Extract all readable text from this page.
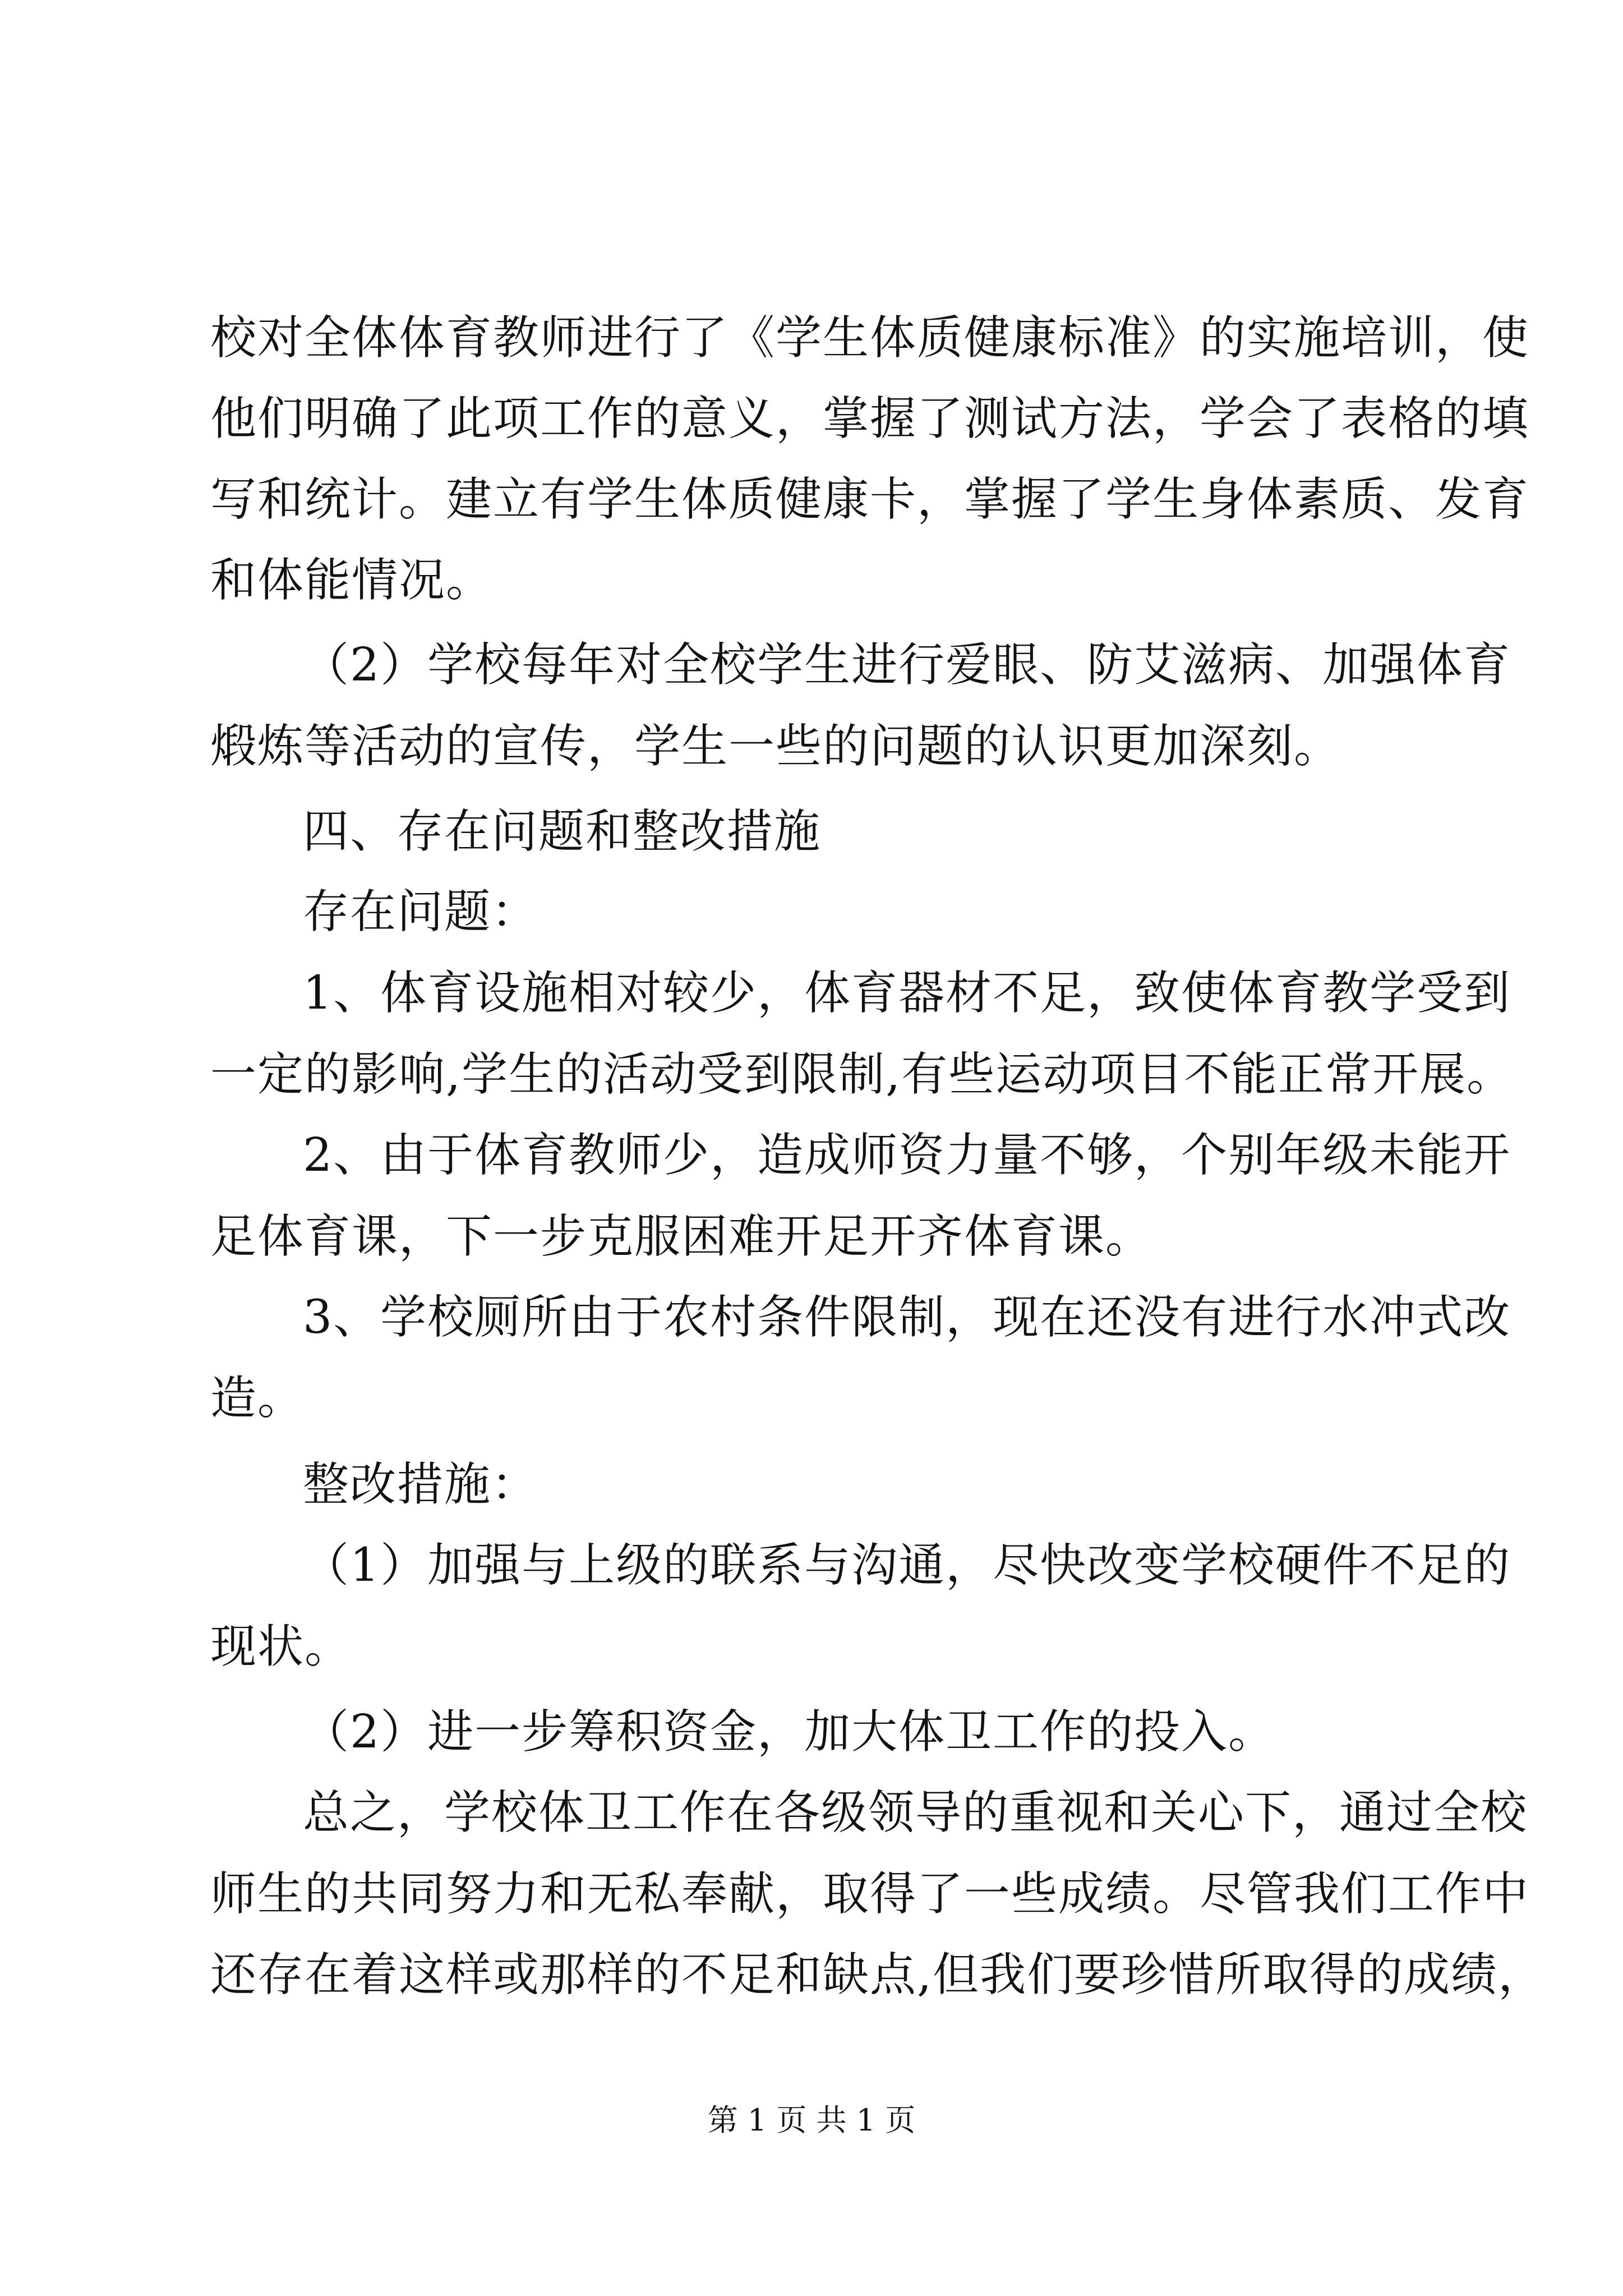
校对全体体育教师进行了《学生体质健康标准》的实施培训，使
他们明确了此项工作的意义，掌握了测试方法，学会了表格的填
写和统计。建立有学生体质健康卡，掌握了学生身体素质、发育
和体能情况。
（2）学校每年对全校学生进行爱眼、防艾滋病、加强体育
煅炼等活动的宣传，学生一些的问题的认识更加深刻。
四、存在问题和整改措施
存在问题：
1、体育设施相对较少，体育器材不足，致使体育教学受到
一定的影响,学生的活动受到限制,有些运动项目不能正常开展。
2、由于体育教师少，造成师资力量不够，个别年级未能开
足体育课，下一步克服困难开足开齐体育课。
3、学校厕所由于农村条件限制，现在还没有进行水冲式改
造。
整改措施：
（1）加强与上级的联系与沟通，尽快改变学校硬件不足的
现状。
（2）进一步筹积资金，加大体卫工作的投入。
总之，学校体卫工作在各级领导的重视和关心下，通过全校
师生的共同努力和无私奉献，取得了一些成绩。尽管我们工作中
还存在着这样或那样的不足和缺点,但我们要珍惜所取得的成绩，
第 1 页 共 1 页
